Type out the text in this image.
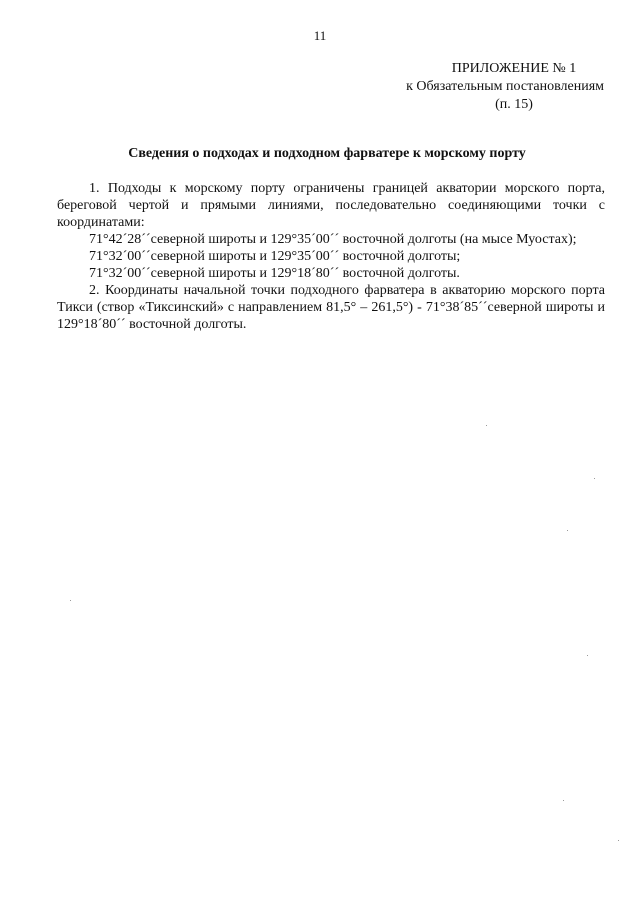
11
ПРИЛОЖЕНИЕ № 1
к Обязательным постановлениям
(п. 15)
Сведения о подходах и подходном фарватере к морскому порту

1. Подходы к морскому порту ограничены границей акватории морского порта, береговой чертой и прямыми линиями, последовательно соединяющими точки с координатами:

71°42´28´´северной широты и 129°35´00´´ восточной долготы (на мысе Муостах);

71°32´00´´северной широты и 129°35´00´´ восточной долготы;

71°32´00´´северной широты и 129°18´80´´ восточной долготы.

2. Координаты начальной точки подходного фарватера в акваторию морского порта Тикси (створ «Тиксинский» с направлением 81,5° – 261,5°) - 71°38´85´´северной широты и 129°18´80´´ восточной долготы.
